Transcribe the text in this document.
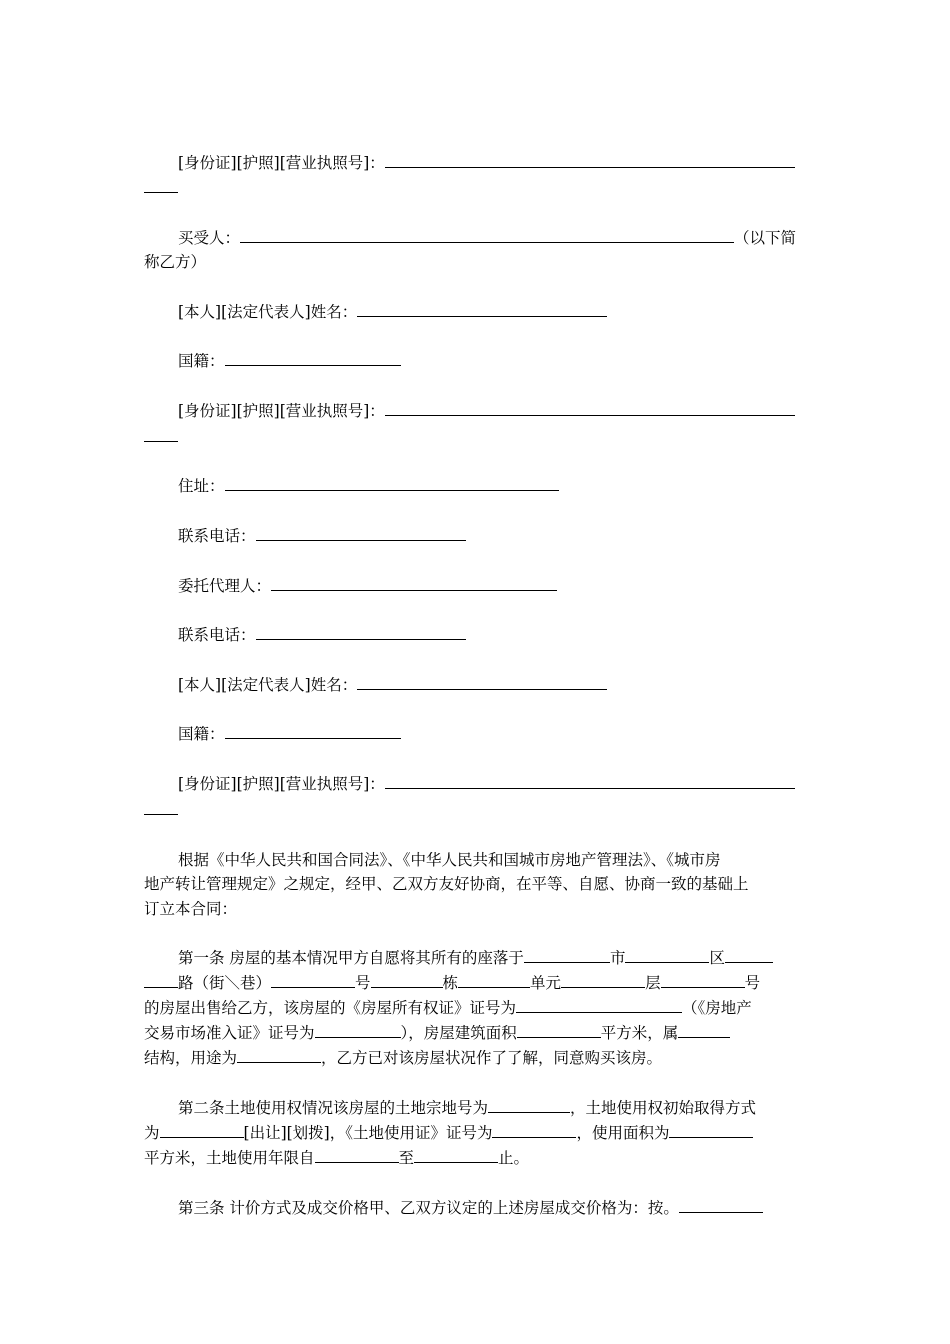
[身份证][护照][营业执照号]：
买受人：	（以下简
称乙方）
[本人][法定代表人]姓名：
国籍：
[身份证][护照][营业执照号]：
住址：
联系电话：
委托代理人：
联系电话：
[本人][法定代表人]姓名：
国籍：
[身份证][护照][营业执照号]：
根据《中华人民共和国合同法》、《中华人民共和国城市房地产管理法》、《城市房
地产转让管理规定》之规定，经甲、乙双方友好协商，在平等、自愿、协商一致的基础上
订立本合同：
第一条 房屋的基本情况甲方自愿将其所有的座落于	市	区
路（街＼巷）	号	栋	单元	层	号
的房屋出售给乙方，该房屋的《房屋所有权证》证号为	（《房地产
交易市场准入证》证号为	），房屋建筑面积	平方米，属
结构，用途为	，乙方已对该房屋状况作了了解，同意购买该房。
第二条土地使用权情况该房屋的土地宗地号为	，土地使用权初始取得方式
为	[出让][划拨]，《土地使用证》证号为	，使用面积为
平方米，土地使用年限自	至	止。
第三条 计价方式及成交价格甲、乙双方议定的上述房屋成交价格为：按。
